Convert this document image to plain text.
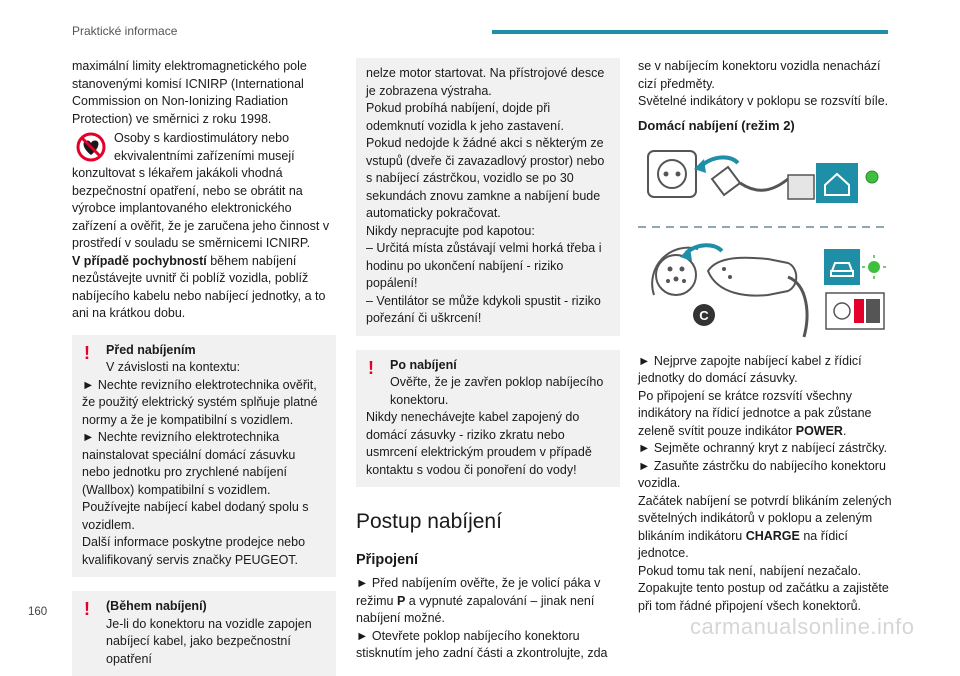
Praktické informace

maximální limity elektromagnetického pole stanovenými komisí ICNIRP (International Commission on Non-Ionizing Radiation Protection) ve směrnici z roku 1998.

Osoby s kardiostimulátory nebo ekvivalentními zařízeními musejí konzultovat s lékařem jakákoli vhodná bezpečnostní opatření, nebo se obrátit na výrobce implantovaného elektronického zařízení a ověřit, že je zaručena jeho činnost v prostředí v souladu se směrnicemi ICNIRP.

V případě pochybností během nabíjení nezůstávejte uvnitř či poblíž vozidla, poblíž nabíjecího kabelu nebo nabíjecí jednotky, a to ani na krátkou dobu.

!	Před nabíjením

V závislosti na kontextu:

► Nechte revizního elektrotechnika ověřit, že použitý elektrický systém splňuje platné normy a že je kompatibilní s vozidlem.

► Nechte revizního elektrotechnika nainstalovat speciální domácí zásuvku nebo jednotku pro zrychlené nabíjení (Wallbox) kompatibilní s vozidlem.

Používejte nabíjecí kabel dodaný spolu s vozidlem.

Další informace poskytne prodejce nebo kvalifikovaný servis značky PEUGEOT.

!	(Během nabíjení)

Je-li do konektoru na vozidle zapojen nabíjecí kabel, jako bezpečnostní opatření

nelze motor startovat. Na přístrojové desce je zobrazena výstraha.

Pokud probíhá nabíjení, dojde při odemknutí vozidla k jeho zastavení.

Pokud nedojde k žádné akci s některým ze vstupů (dveře či zavazadlový prostor) nebo s nabíjecí zástrčkou, vozidlo se po 30 sekundách znovu zamkne a nabíjení bude automaticky pokračovat.

Nikdy nepracujte pod kapotou:

– Určitá místa zůstávají velmi horká třeba i hodinu po ukončení nabíjení - riziko popálení!

– Ventilátor se může kdykoli spustit - riziko pořezání či uškrcení!

!	Po nabíjení

Ověřte, že je zavřen poklop nabíjecího konektoru.

Nikdy nenechávejte kabel zapojený do domácí zásuvky - riziko zkratu nebo usmrcení elektrickým proudem v případě kontaktu s vodou či ponoření do vody!

Postup nabíjení
Připojení

► Před nabíjením ověřte, že je volicí páka v režimu P a vypnuté zapalování – jinak není nabíjení možné.

► Otevřete poklop nabíjecího konektoru stisknutím jeho zadní části a zkontrolujte, zda

se v nabíjecím konektoru vozidla nenachází cizí předměty.

Světelné indikátory v poklopu se rozsvítí bíle.

Domácí nabíjení (režim 2)
C

► Nejprve zapojte nabíjecí kabel z řídicí jednotky do domácí zásuvky.

Po připojení se krátce rozsvítí všechny indikátory na řídicí jednotce a pak zůstane zeleně svítit pouze indikátor POWER.

► Sejměte ochranný kryt z nabíjecí zástrčky.

► Zasuňte zástrčku do nabíjecího konektoru vozidla.

Začátek nabíjení se potvrdí blikáním zelených světelných indikátorů v poklopu a zeleným blikáním indikátoru CHARGE na řídicí jednotce.

Pokud tomu tak není, nabíjení nezačalo.

Zopakujte tento postup od začátku a zajistěte při tom řádné připojení všech konektorů.

160
carmanualsonline.info
